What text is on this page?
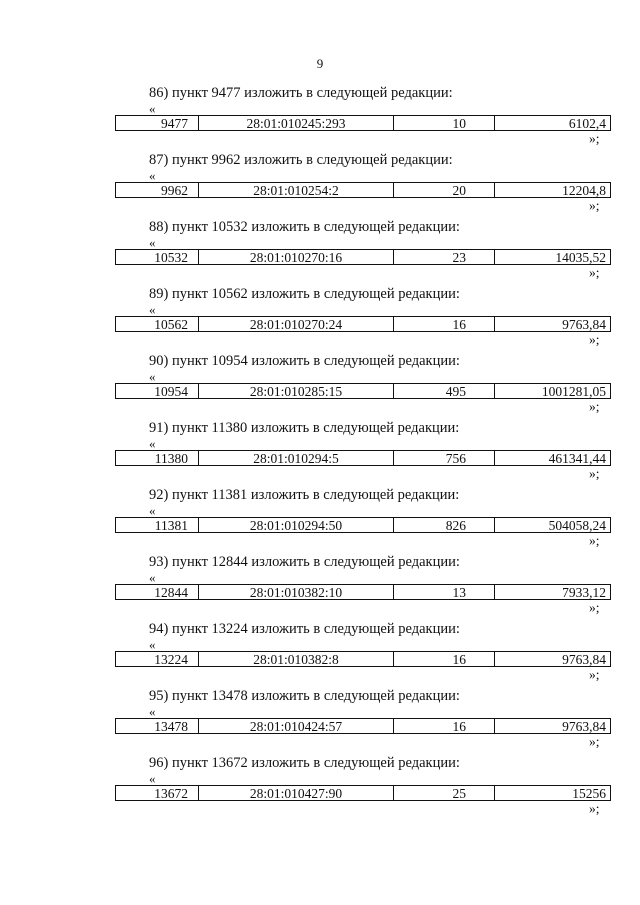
9
86) пункт 9477 изложить в следующей редакции:
«
9477	28:01:010245:293	10	6102,4
»;
87) пункт 9962 изложить в следующей редакции:
«
9962	28:01:010254:2	20	12204,8
»;
88) пункт 10532 изложить в следующей редакции:
«
10532	28:01:010270:16	23	14035,52
»;
89) пункт 10562 изложить в следующей редакции:
«
10562	28:01:010270:24	16	9763,84
»;
90) пункт 10954 изложить в следующей редакции:
«
10954	28:01:010285:15	495	1001281,05
»;
91) пункт 11380 изложить в следующей редакции:
«
11380	28:01:010294:5	756	461341,44
»;
92) пункт 11381 изложить в следующей редакции:
«
11381	28:01:010294:50	826	504058,24
»;
93) пункт 12844 изложить в следующей редакции:
«
12844	28:01:010382:10	13	7933,12
»;
94) пункт 13224 изложить в следующей редакции:
«
13224	28:01:010382:8	16	9763,84
»;
95) пункт 13478 изложить в следующей редакции:
«
13478	28:01:010424:57	16	9763,84
»;
96) пункт 13672 изложить в следующей редакции:
«
13672	28:01:010427:90	25	15256
»;
